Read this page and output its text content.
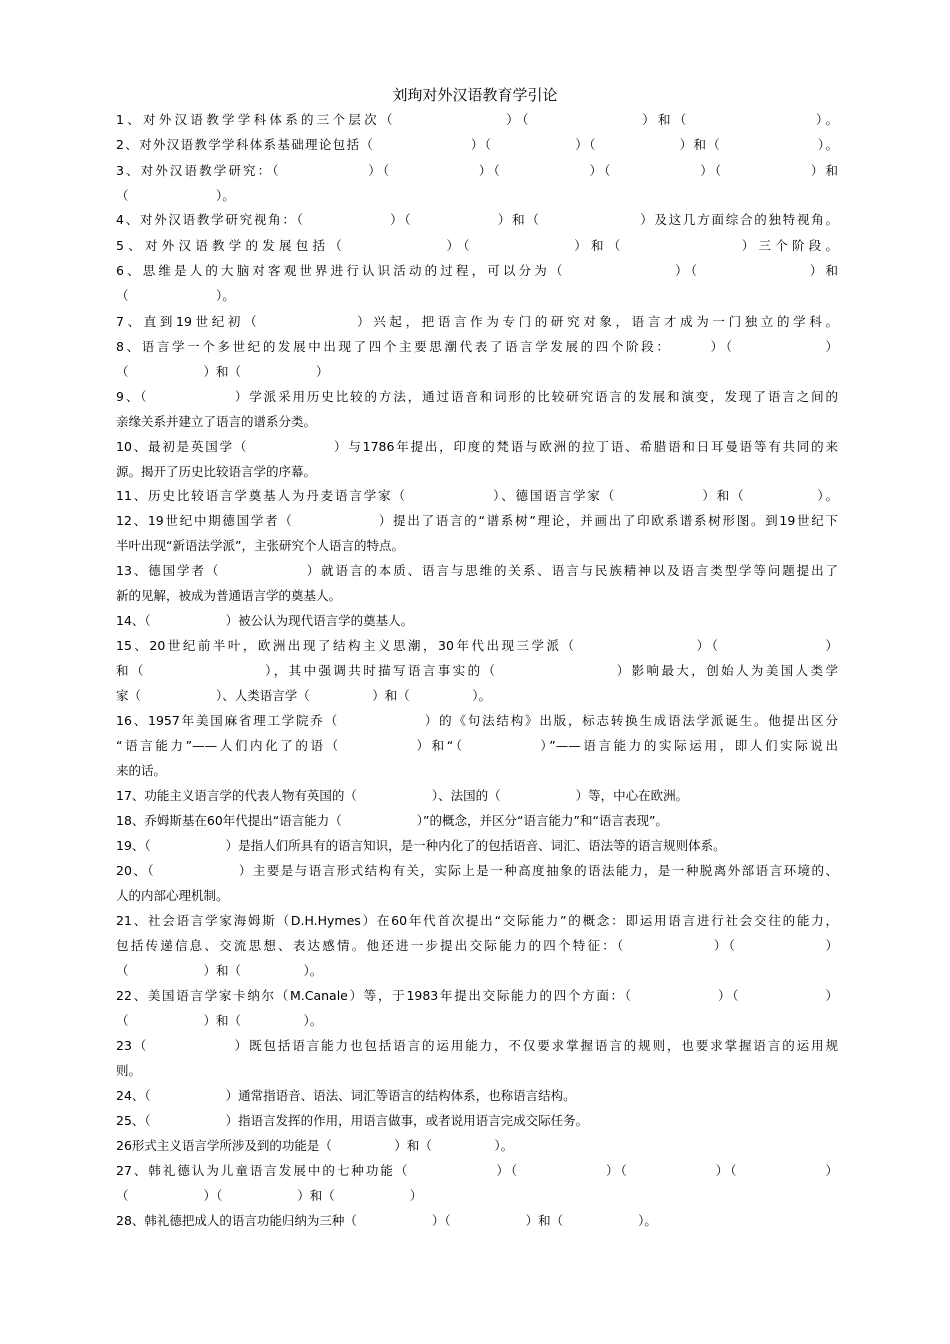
刘珣对外汉语教育学引论
1、对外汉语教学学科体系的三个层次（　　　　　　　）（　　　　　　　）和（　　　　　　　　）。
2、对外汉语教学学科体系基础理论包括（　　　　　　　）（　　　　　　）（　　　　　　）和（　　　　　　　）。
3、对外汉语教学研究：（　　　　　　）（　　　　　　）（　　　　　　）（　　　　　　）（　　　　　　）和
（　　　　　　　）。
4、对外汉语教学研究视角：（　　　　　　）（　　　　　　）和（　　　　　　　）及这几方面综合的独特视角。
5、对外汉语教学的发展包括（　　　　　　）（　　　　　　）和（　　　　　　　）三个阶段。
6、思维是人的大脑对客观世界进行认识活动的过程，可以分为（　　　　　　　）（　　　　　　　）和
（　　　　　　　）。
7、直到19世纪初（　　　　　　）兴起，把语言作为专门的研究对象，语言才成为一门独立的学科。
8、语言学一个多世纪的发展中出现了四个主要思潮代表了语言学发展的四个阶段：　　　）（　　　　　　）
（　　　　　　）和（　　　　　　）
9、（　　　　　　）学派采用历史比较的方法，通过语音和词形的比较研究语言的发展和演变，发现了语言之间的
亲缘关系并建立了语言的谱系分类。
10、最初是英国学（　　　　　　）与1786年提出，印度的梵语与欧洲的拉丁语、希腊语和日耳曼语等有共同的来
源。揭开了历史比较语言学的序幕。
11、历史比较语言学奠基人为丹麦语言学家（　　　　　　）、德国语言学家（　　　　　　）和（　　　　　）。
12、19世纪中期德国学者（　　　　　　）提出了语言的“谱系树”理论，并画出了印欧系谱系树形图。到19世纪下
半叶出现“新语法学派”，主张研究个人语言的特点。
13、德国学者（　　　　　　）就语言的本质、语言与思维的关系、语言与民族精神以及语言类型学等问题提出了
新的见解，被成为普通语言学的奠基人。
14、（　　　　　　）被公认为现代语言学的奠基人。
15、20世纪前半叶，欧洲出现了结构主义思潮，30年代出现三学派（　　　　　　　　）（　　　　　　　）
和（　　　　　　　　），其中强调共时描写语言事实的（　　　　　　　　）影响最大，创始人为美国人类学
家（　　　　　　）、人类语言学（　　　　　）和（　　　　　）。
16、1957年美国麻省理工学院乔（　　　　　　）的《句法结构》出版，标志转换生成语法学派诞生。他提出区分
“语言能力”——人们内化了的语（　　　　　）和“（　　　　　）”——语言能力的实际运用，即人们实际说出
来的话。
17、功能主义语言学的代表人物有英国的（　　　　　　）、法国的（　　　　　　）等，中心在欧洲。
18、乔姆斯基在60年代提出“语言能力（　　　　　　）”的概念，并区分“语言能力”和“语言表现”。
19、（　　　　　　）是指人们所具有的语言知识，是一种内化了的包括语音、词汇、语法等的语言规则体系。
20、（　　　　　　）主要是与语言形式结构有关，实际上是一种高度抽象的语法能力，是一种脱离外部语言环境的、
人的内部心理机制。
21、社会语言学家海姆斯（D.H.Hymes）在60年代首次提出“交际能力”的概念：即运用语言进行社会交往的能力，
包括传递信息、交流思想、表达感情。他还进一步提出交际能力的四个特征：（　　　　　　）（　　　　　　）
（　　　　　　）和（　　　　　）。
22、美国语言学家卡纳尔（M.Canale）等，于1983年提出交际能力的四个方面：（　　　　　　）（　　　　　　）
（　　　　　　）和（　　　　　）。
23（　　　　　　）既包括语言能力也包括语言的运用能力，不仅要求掌握语言的规则，也要求掌握语言的运用规
则。
24、（　　　　　　）通常指语音、语法、词汇等语言的结构体系，也称语言结构。
25、（　　　　　　）指语言发挥的作用，用语言做事，或者说用语言完成交际任务。
26形式主义语言学所涉及到的功能是（　　　　　）和（　　　　　）。
27、韩礼德认为儿童语言发展中的七种功能（　　　　　　）（　　　　　　）（　　　　　　）（　　　　　　）
（　　　　　　）（　　　　　　）和（　　　　　　）
28、韩礼德把成人的语言功能归纳为三种（　　　　　　）（　　　　　　）和（　　　　　　）。
